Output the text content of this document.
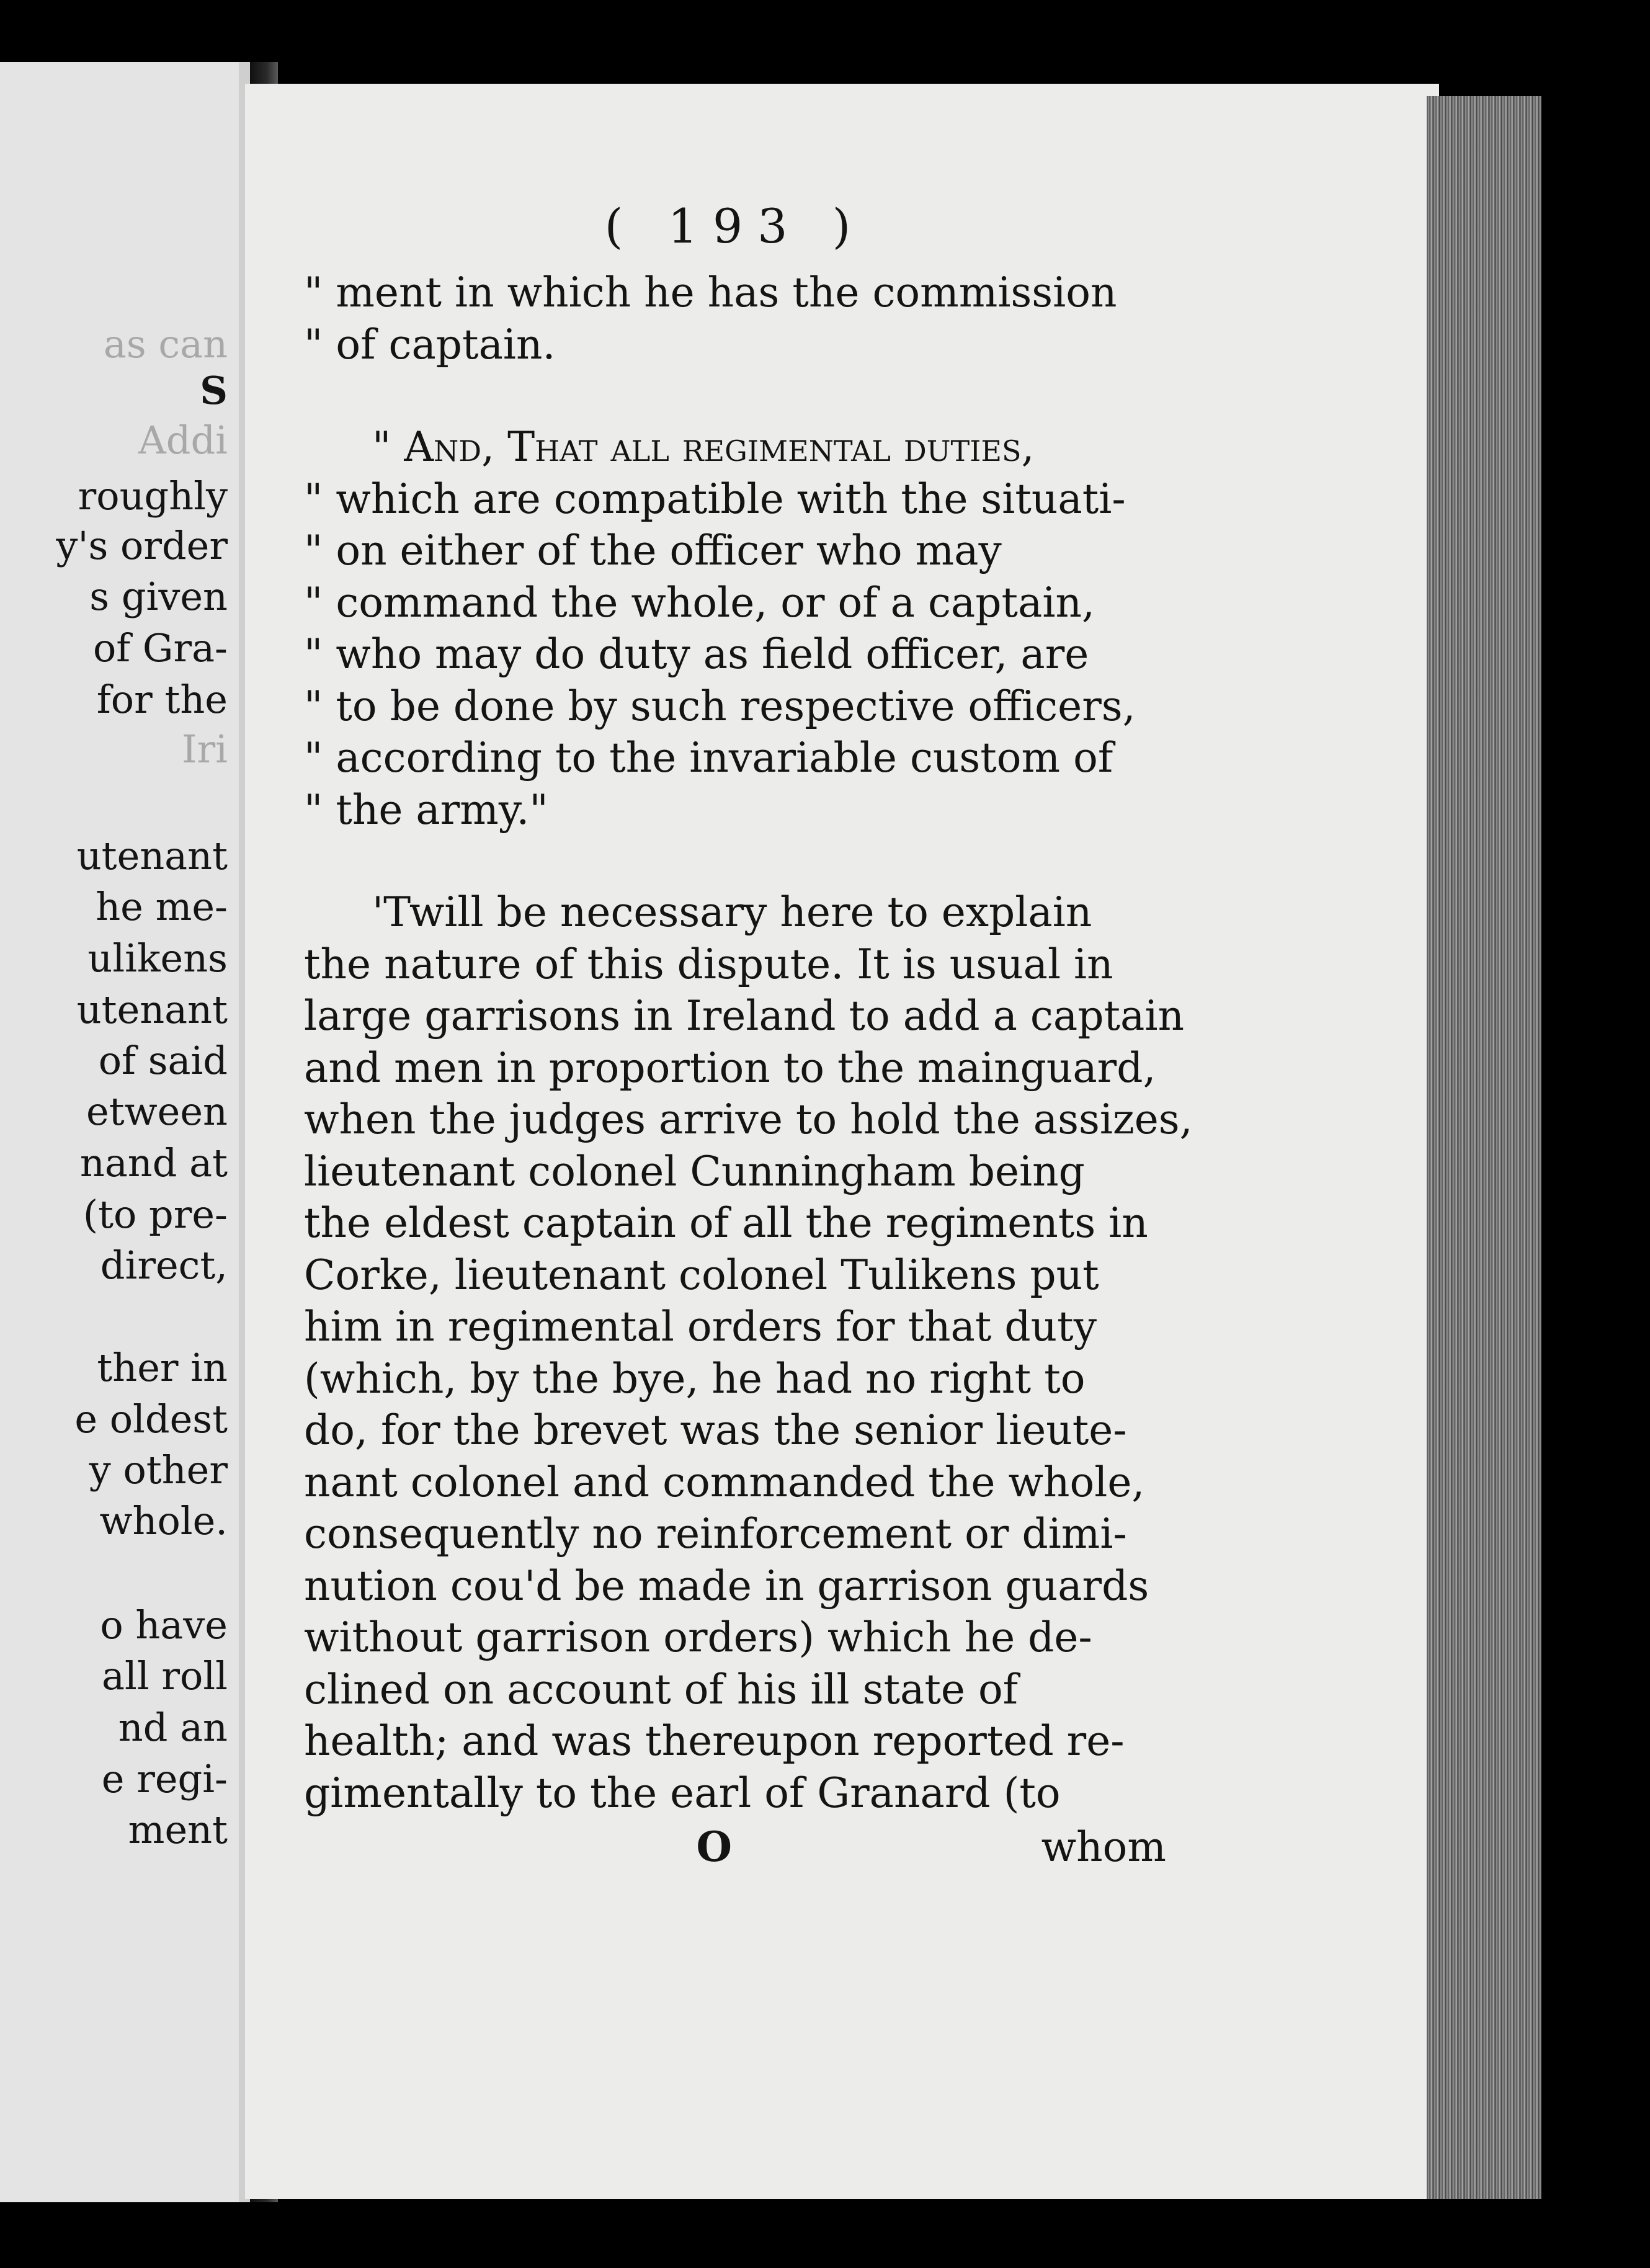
as can
S
Addi
roughly
y's order
s given
of Gra-
for the
Iri
utenant
he me-
ulikens
utenant
of said
etween
nand at
(to pre-
direct,
ther in
e oldest
y other
whole.
o have
all roll
nd an
e regi-
ment
( 193 )
" ment in which he has the commission
" of captain.
" And, That all regimental duties,
" which are compatible with the situati-
" on either of the officer who may
" command the whole, or of a captain,
" who may do duty as field officer, are
" to be done by such respective officers,
" according to the invariable custom of
" the army."
'Twill be necessary here to explain
the nature of this dispute. It is usual in
large garrisons in Ireland to add a captain
and men in proportion to the mainguard,
when the judges arrive to hold the assizes,
lieutenant colonel Cunningham being
the eldest captain of all the regiments in
Corke, lieutenant colonel Tulikens put
him in regimental orders for that duty
(which, by the bye, he had no right to
do, for the brevet was the senior lieute-
nant colonel and commanded the whole,
consequently no reinforcement or dimi-
nution cou'd be made in garrison guards
without garrison orders) which he de-
clined on account of his ill state of
health; and was thereupon reported re-
gimentally to the earl of Granard (to
O	whom
